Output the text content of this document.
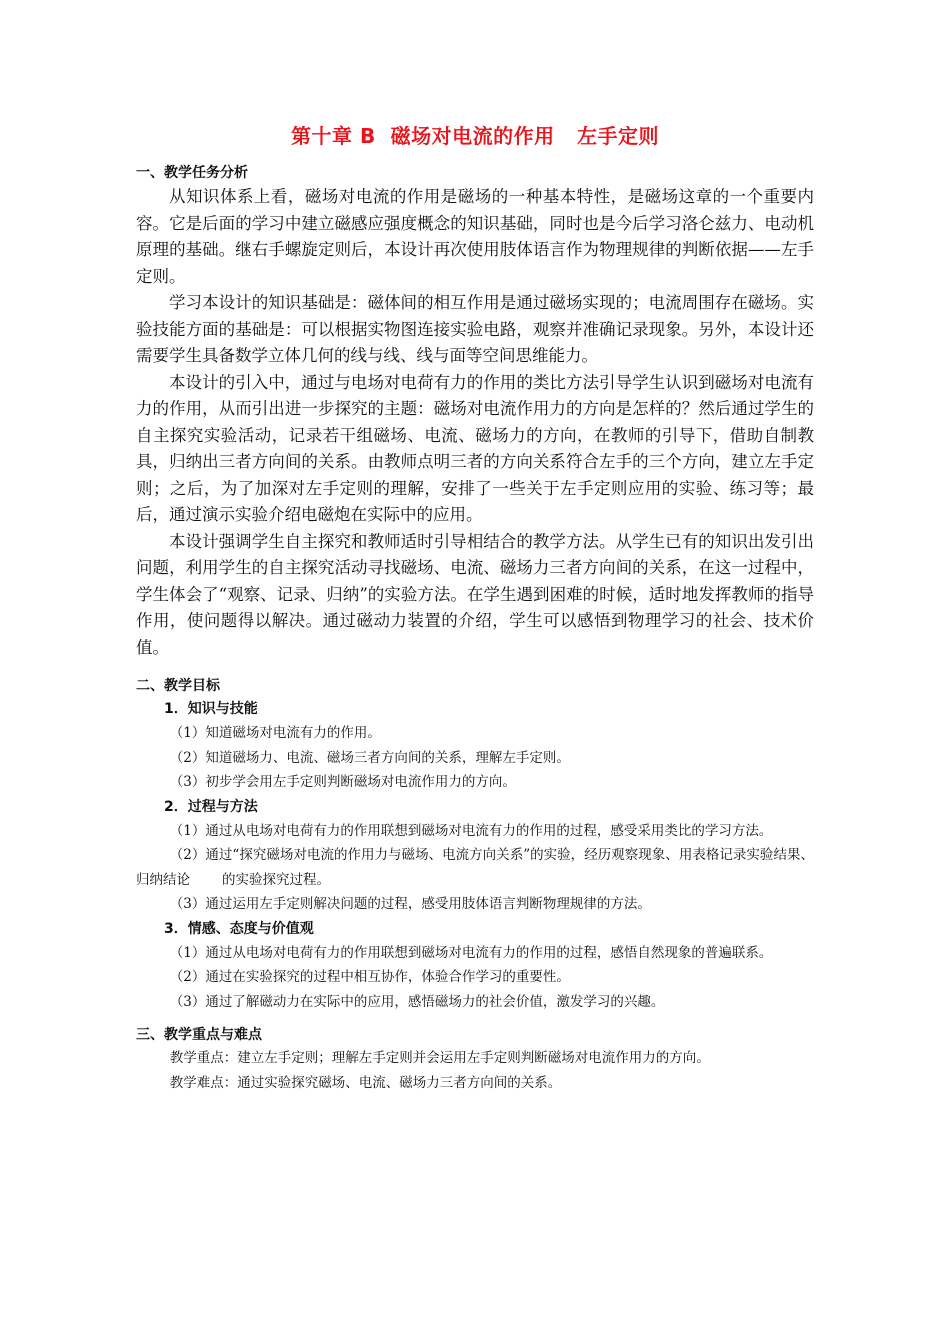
第十章 B  磁场对电流的作用   左手定则
一、教学任务分析

从知识体系上看，磁场对电流的作用是磁场的一种基本特性，是磁场这章的一个重要内容。它是后面的学习中建立磁感应强度概念的知识基础，同时也是今后学习洛仑兹力、电动机原理的基础。继右手螺旋定则后，本设计再次使用肢体语言作为物理规律的判断依据——左手定则。

学习本设计的知识基础是：磁体间的相互作用是通过磁场实现的；电流周围存在磁场。实验技能方面的基础是：可以根据实物图连接实验电路，观察并准确记录现象。另外，本设计还需要学生具备数学立体几何的线与线、线与面等空间思维能力。

本设计的引入中，通过与电场对电荷有力的作用的类比方法引导学生认识到磁场对电流有力的作用，从而引出进一步探究的主题：磁场对电流作用力的方向是怎样的？然后通过学生的自主探究实验活动，记录若干组磁场、电流、磁场力的方向，在教师的引导下，借助自制教具，归纳出三者方向间的关系。由教师点明三者的方向关系符合左手的三个方向，建立左手定则；之后，为了加深对左手定则的理解，安排了一些关于左手定则应用的实验、练习等；最后，通过演示实验介绍电磁炮在实际中的应用。

本设计强调学生自主探究和教师适时引导相结合的教学方法。从学生已有的知识出发引出问题，利用学生的自主探究活动寻找磁场、电流、磁场力三者方向间的关系，在这一过程中，学生体会了“观察、记录、归纳”的实验方法。在学生遇到困难的时候，适时地发挥教师的指导作用，使问题得以解决。通过磁动力装置的介绍，学生可以感悟到物理学习的社会、技术价值。

二、教学目标
1．知识与技能

（1）知道磁场对电流有力的作用。

（2）知道磁场力、电流、磁场三者方向间的关系，理解左手定则。

（3）初步学会用左手定则判断磁场对电流作用力的方向。

2．过程与方法

（1）通过从电场对电荷有力的作用联想到磁场对电流有力的作用的过程，感受采用类比的学习方法。

（2）通过“探究磁场对电流的作用力与磁场、电流方向关系”的实验，经历观察现象、用表格记录实验结果、归纳结论 的实验探究过程。

（3）通过运用左手定则解决问题的过程，感受用肢体语言判断物理规律的方法。

3．情感、态度与价值观

（1）通过从电场对电荷有力的作用联想到磁场对电流有力的作用的过程，感悟自然现象的普遍联系。

（2）通过在实验探究的过程中相互协作，体验合作学习的重要性。

（3）通过了解磁动力在实际中的应用，感悟磁场力的社会价值，激发学习的兴趣。

三、教学重点与难点

教学重点：建立左手定则；理解左手定则并会运用左手定则判断磁场对电流作用力的方向。

教学难点：通过实验探究磁场、电流、磁场力三者方向间的关系。
